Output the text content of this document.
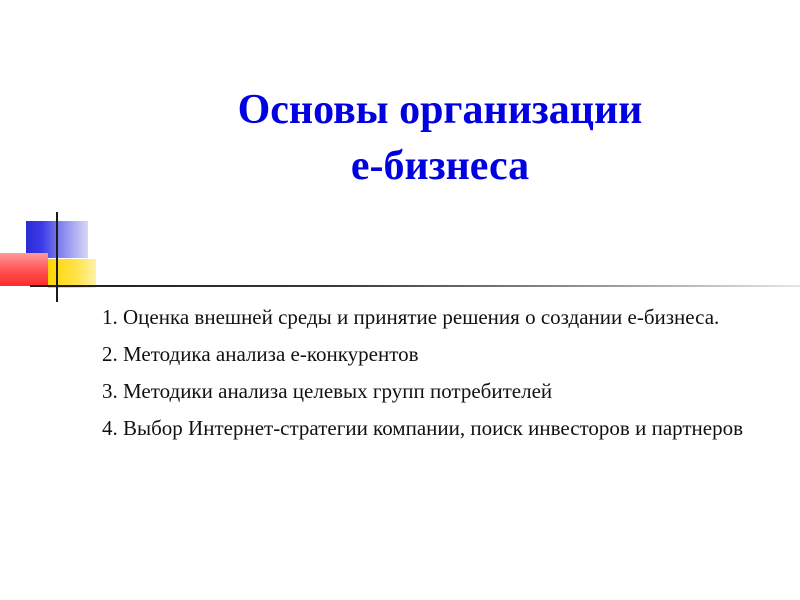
Основы организации
е-бизнеса
1. Оценка внешней среды и принятие решения о создании е-бизнеса.
2. Методика анализа е-конкурентов
3. Методики анализа целевых групп потребителей
4. Выбор Интернет-стратегии компании, поиск инвесторов и партнеров
